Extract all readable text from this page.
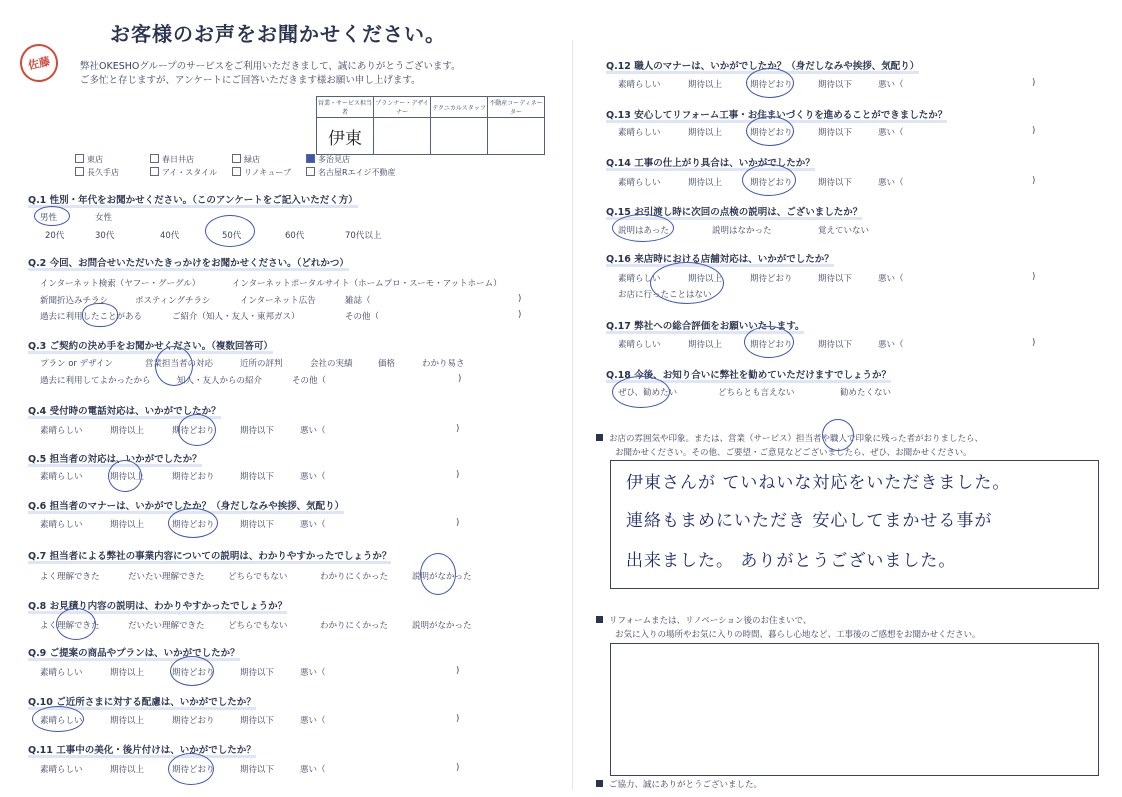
お客様のお声をお聞かせください。
佐藤	弊社OKESHOグループのサービスをご利用いただきまして、誠にありがとうございます。
ご多忙と存じますが、アンケートにご回答いただきます様お願い申し上げます。
営業・サービス担当者	プランナー・デザイナー	テクニカルスタッフ	不動産コーディネーター
伊東			
東店	春日井店	緑店	多治見店
長久手店	アイ・スタイル	リノキューブ	名古屋Rエイジ不動産
Q.1 性別・年代をお聞かせください。（このアンケートをご記入いただく方）
男性	女性
20代	30代	40代	50代	60代	70代以上
Q.2 今回、お問合せいただいたきっかけをお聞かせください。（どれかつ）
インターネット検索（ヤフー・グーグル）	インターネットポータルサイト（ホームプロ・スーモ・アットホーム）
新聞折込みチラシ	ポスティングチラシ	インターネット広告	雑誌（	)
過去に利用したことがある	ご紹介（知人・友人・東邦ガス）	その他（	)
Q.3 ご契約の決め手をお聞かせください。（複数回答可）
プラン or デザイン	営業担当者の対応	近所の評判	会社の実績	価格	わかり易さ
過去に利用してよかったから	知人・友人からの紹介	その他（	)
Q.4 受付時の電話対応は、いかがでしたか？
素晴らしい	期待以上	期待どおり	期待以下	悪い（	)
Q.5 担当者の対応は、いかがでしたか？
素晴らしい	期待以上	期待どおり	期待以下	悪い（	)
Q.6 担当者のマナーは、いかがでしたか？（身だしなみや挨拶、気配り）
素晴らしい	期待以上	期待どおり	期待以下	悪い（	)
Q.7 担当者による弊社の事業内容についての説明は、わかりやすかったでしょうか？
よく理解できた	だいたい理解できた	どちらでもない	わかりにくかった	説明がなかった
Q.8 お見積り内容の説明は、わかりやすかったでしょうか？
よく理解できた	だいたい理解できた	どちらでもない	わかりにくかった	説明がなかった
Q.9 ご提案の商品やプランは、いかがでしたか？
素晴らしい	期待以上	期待どおり	期待以下	悪い（	)
Q.10 ご近所さまに対する配慮は、いかがでしたか？
素晴らしい	期待以上	期待どおり	期待以下	悪い（	)
Q.11 工事中の美化・後片付けは、いかがでしたか？
素晴らしい	期待以上	期待どおり	期待以下	悪い（	)
Q.12 職人のマナーは、いかがでしたか？（身だしなみや挨拶、気配り）
素晴らしい	期待以上	期待どおり	期待以下	悪い（	)
Q.13 安心してリフォーム工事・お住まいづくりを進めることができましたか？
素晴らしい	期待以上	期待どおり	期待以下	悪い（	)
Q.14 工事の仕上がり具合は、いかがでしたか？
素晴らしい	期待以上	期待どおり	期待以下	悪い（	)
Q.15 お引渡し時に次回の点検の説明は、ございましたか？
説明はあった	説明はなかった	覚えていない
Q.16 来店時における店舗対応は、いかがでしたか？
素晴らしい	期待以上	期待どおり	期待以下	悪い（	)
お店に行ったことはない
Q.17 弊社への総合評価をお願いいたします。
素晴らしい	期待以上	期待どおり	期待以下	悪い（	)
Q.18 今後、お知り合いに弊社を勧めていただけますでしょうか？
ぜひ、勧めたい	どちらとも言えない	勧めたくない
お店の雰囲気や印象。または、営業（サービス）担当者や職人で印象に残った者がおりましたら、
お聞かせください。その他、ご要望・ご意見などございましたら、ぜひ、お聞かせください。
伊東さんが ていねいな対応をいただきました。
連絡もまめにいただき 安心してまかせる事が
出来ました。 ありがとうございました。
リフォームまたは、リノベーション後のお住まいで、
お気に入りの場所やお気に入りの時間、暮らし心地など、工事後のご感想をお聞かせください。
ご協力、誠にありがとうございました。
